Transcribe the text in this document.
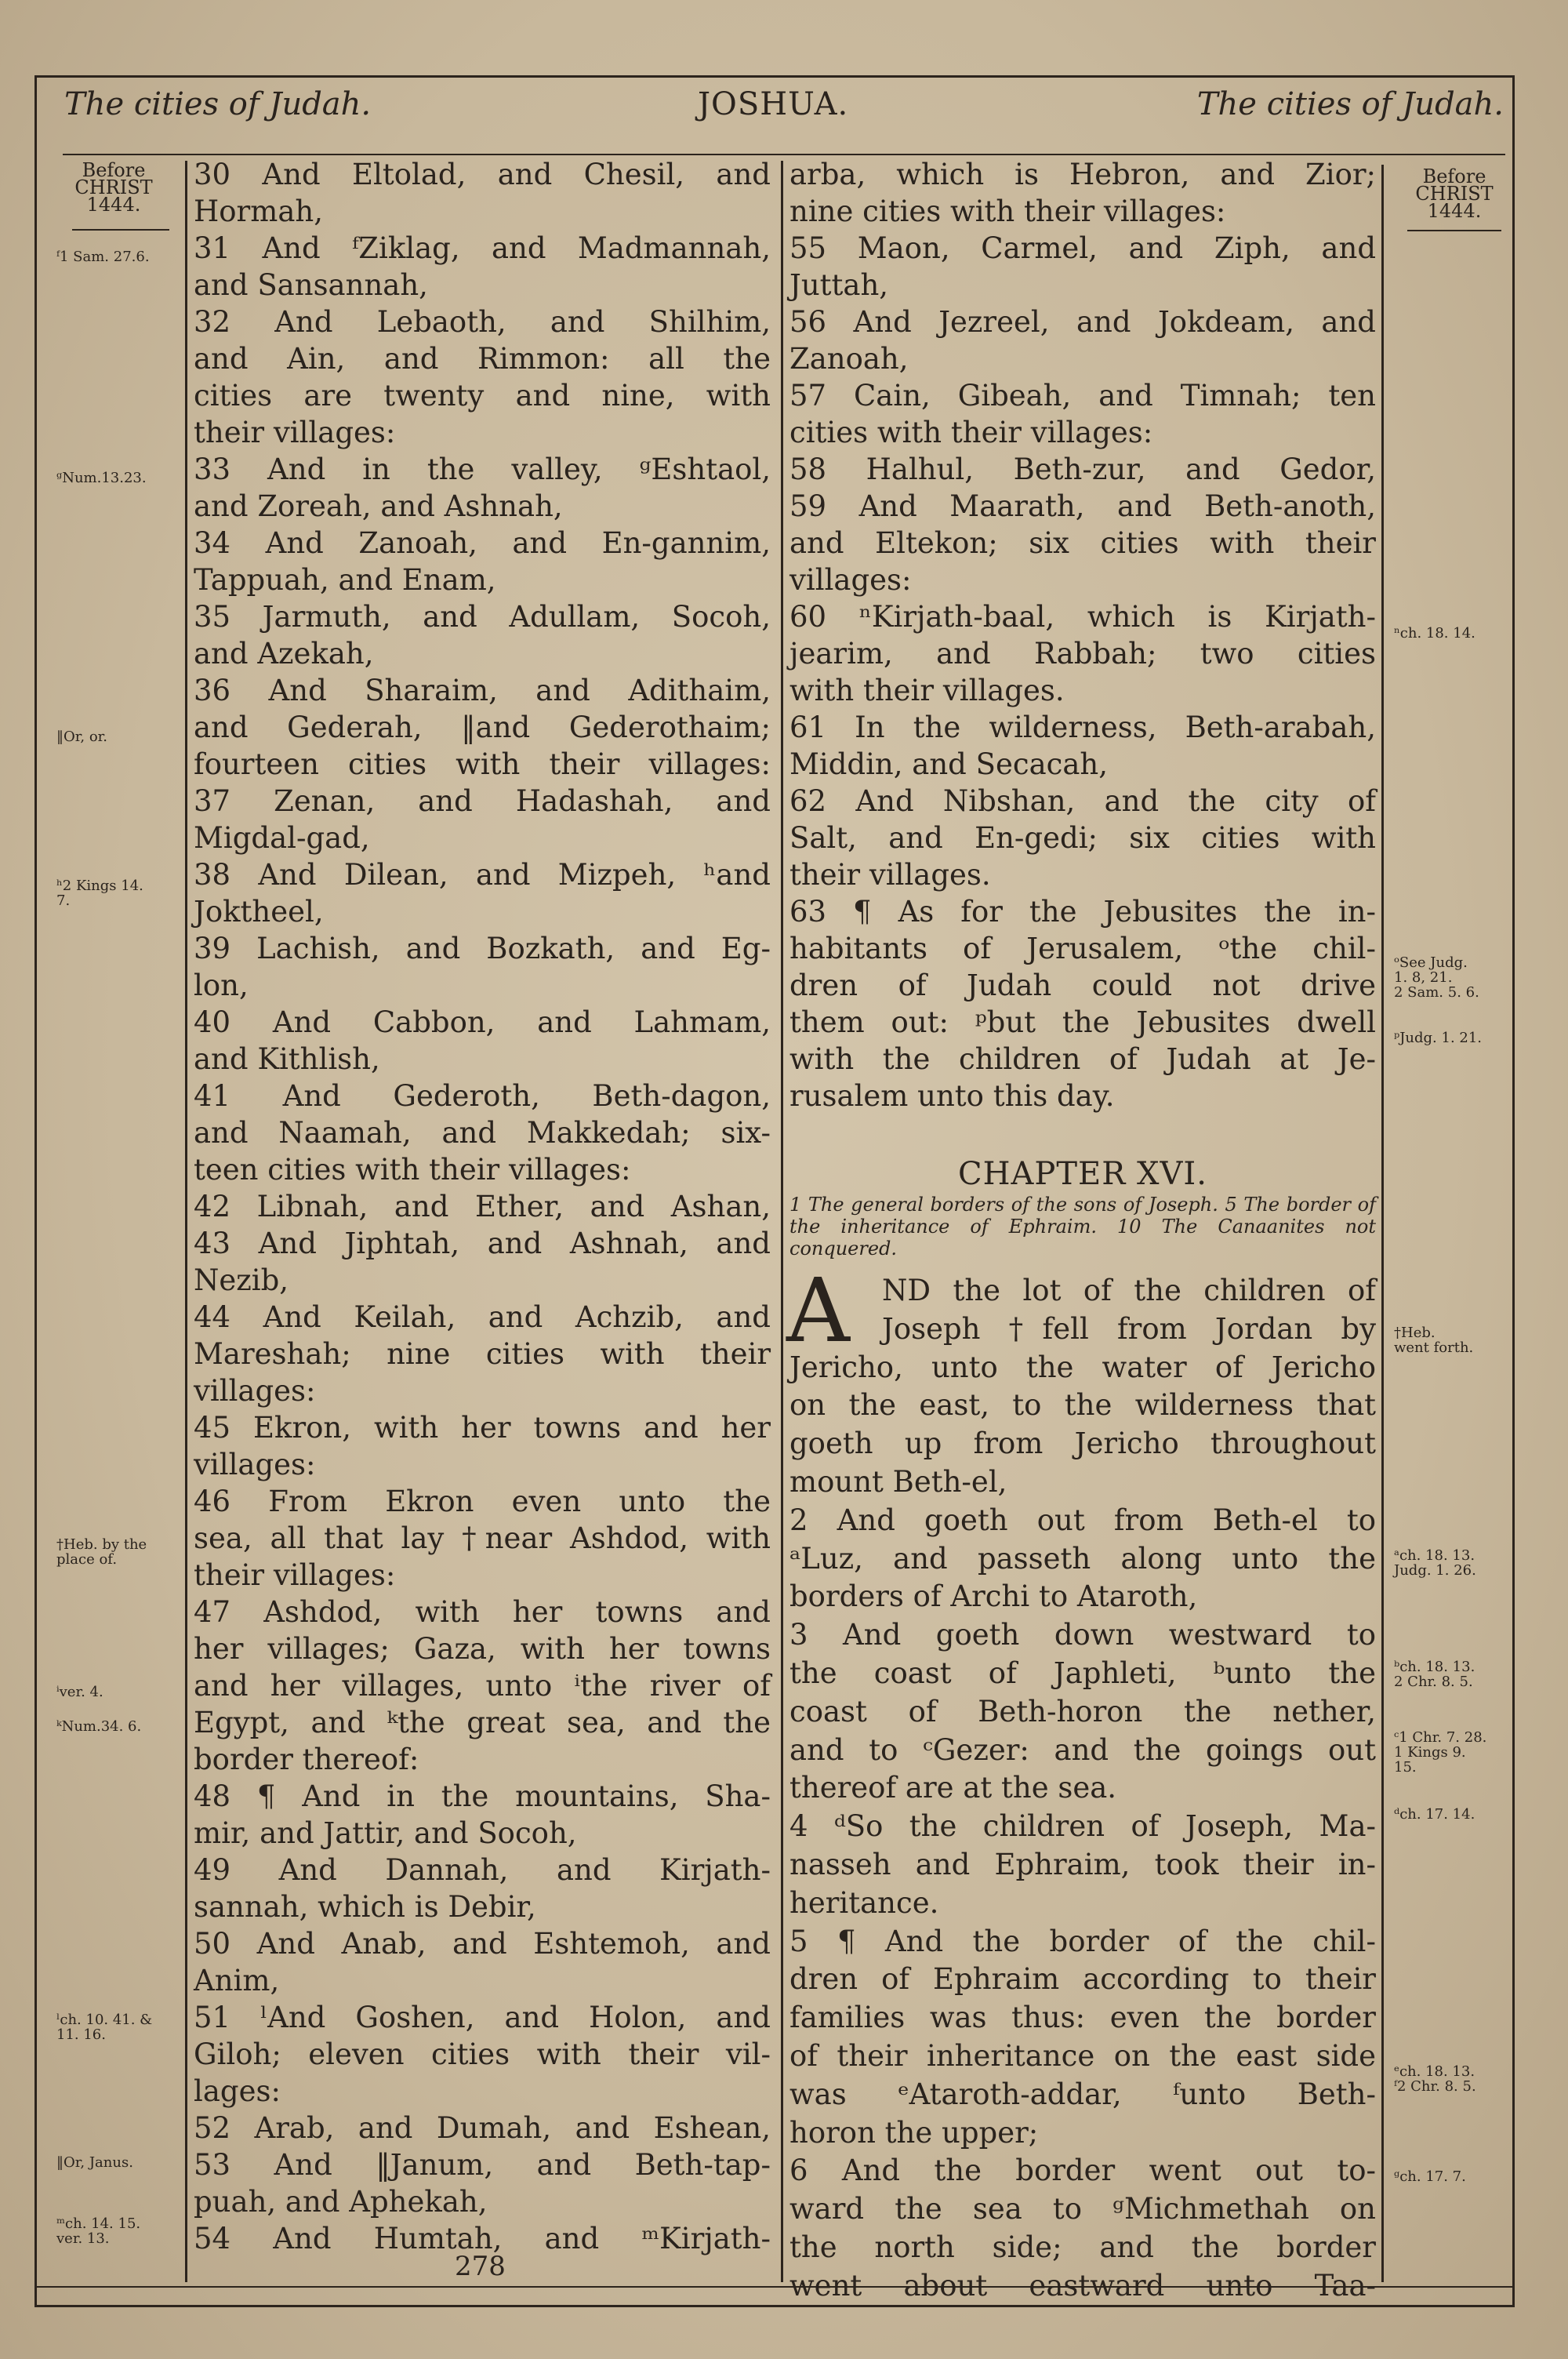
The cities of Judah.	JOSHUA.	The cities of Judah.
Before
CHRIST
1444.
Before
CHRIST
1444.
30 And Eltolad, and Chesil, and
Hormah,
31 And ᶠZiklag, and Madmannah,
and Sansannah,
32 And Lebaoth, and Shilhim,
and Ain, and Rimmon: all the
cities are twenty and nine, with
their villages:
33 And in the valley, ᵍEshtaol,
and Zoreah, and Ashnah,
34 And Zanoah, and En-gannim,
Tappuah, and Enam,
35 Jarmuth, and Adullam, Socoh,
and Azekah,
36 And Sharaim, and Adithaim,
and Gederah, ‖and Gederothaim;
fourteen cities with their villages:
37 Zenan, and Hadashah, and
Migdal-gad,
38 And Dilean, and Mizpeh, ʰand
Joktheel,
39 Lachish, and Bozkath, and Eg-
lon,
40 And Cabbon, and Lahmam,
and Kithlish,
41 And Gederoth, Beth-dagon,
and Naamah, and Makkedah; six-
teen cities with their villages:
42 Libnah, and Ether, and Ashan,
43 And Jiphtah, and Ashnah, and
Nezib,
44 And Keilah, and Achzib, and
Mareshah; nine cities with their
villages:
45 Ekron, with her towns and her
villages:
46 From Ekron even unto the
sea, all that lay †near Ashdod, with
their villages:
47 Ashdod, with her towns and
her villages; Gaza, with her towns
and her villages, unto ⁱthe river of
Egypt, and ᵏthe great sea, and the
border thereof:
48 ¶ And in the mountains, Sha-
mir, and Jattir, and Socoh,
49 And Dannah, and Kirjath-
sannah, which is Debir,
50 And Anab, and Eshtemoh, and
Anim,
51 ˡAnd Goshen, and Holon, and
Giloh; eleven cities with their vil-
lages:
52 Arab, and Dumah, and Eshean,
53 And ‖Janum, and Beth-tap-
puah, and Aphekah,
54 And Humtah, and ᵐKirjath-
arba, which is Hebron, and Zior;
nine cities with their villages:
55 Maon, Carmel, and Ziph, and
Juttah,
56 And Jezreel, and Jokdeam, and
Zanoah,
57 Cain, Gibeah, and Timnah; ten
cities with their villages:
58 Halhul, Beth-zur, and Gedor,
59 And Maarath, and Beth-anoth,
and Eltekon; six cities with their
villages:
60 ⁿKirjath-baal, which is Kirjath-
jearim, and Rabbah; two cities
with their villages.
61 In the wilderness, Beth-arabah,
Middin, and Secacah,
62 And Nibshan, and the city of
Salt, and En-gedi; six cities with
their villages.
63 ¶ As for the Jebusites the in-
habitants of Jerusalem, ᵒthe chil-
dren of Judah could not drive
them out: ᵖbut the Jebusites dwell
with the children of Judah at Je-
rusalem unto this day.
CHAPTER XVI.
1 The general borders of the sons of Joseph. 5 The border of the inheritance of Ephraim. 10 The Canaanites not conquered.
A	ND the lot of the children of
Joseph †fell from Jordan by
Jericho, unto the water of Jericho
on the east, to the wilderness that
goeth up from Jericho throughout
mount Beth-el,
2 And goeth out from Beth-el to
ᵃLuz, and passeth along unto the
borders of Archi to Ataroth,
3 And goeth down westward to
the coast of Japhleti, ᵇunto the
coast of Beth-horon the nether,
and to ᶜGezer: and the goings out
thereof are at the sea.
4 ᵈSo the children of Joseph, Ma-
nasseh and Ephraim, took their in-
heritance.
5 ¶ And the border of the chil-
dren of Ephraim according to their
families was thus: even the border
of their inheritance on the east side
was ᵉAtaroth-addar, ᶠunto Beth-
horon the upper;
6 And the border went out to-
ward the sea to ᵍMichmethah on
the north side; and the border
went about eastward unto Taa-
ᶠ1 Sam. 27.6.
ᵍNum.13.23.
‖Or, or.
ʰ2 Kings 14.
7.
†Heb. by the
place of.
ⁱver. 4.
ᵏNum.34. 6.
ˡch. 10. 41. &
11. 16.
‖Or, Janus.
ᵐch. 14. 15.
ver. 13.
ⁿch. 18. 14.
ᵒSee Judg.
1. 8, 21.
2 Sam. 5. 6.
ᵖJudg. 1. 21.
†Heb.
went forth.
ᵃch. 18. 13.
Judg. 1. 26.
ᵇch. 18. 13.
2 Chr. 8. 5.
ᶜ1 Chr. 7. 28.
1 Kings 9.
15.
ᵈch. 17. 14.
ᵉch. 18. 13.
ᶠ2 Chr. 8. 5.
ᵍch. 17. 7.
278
